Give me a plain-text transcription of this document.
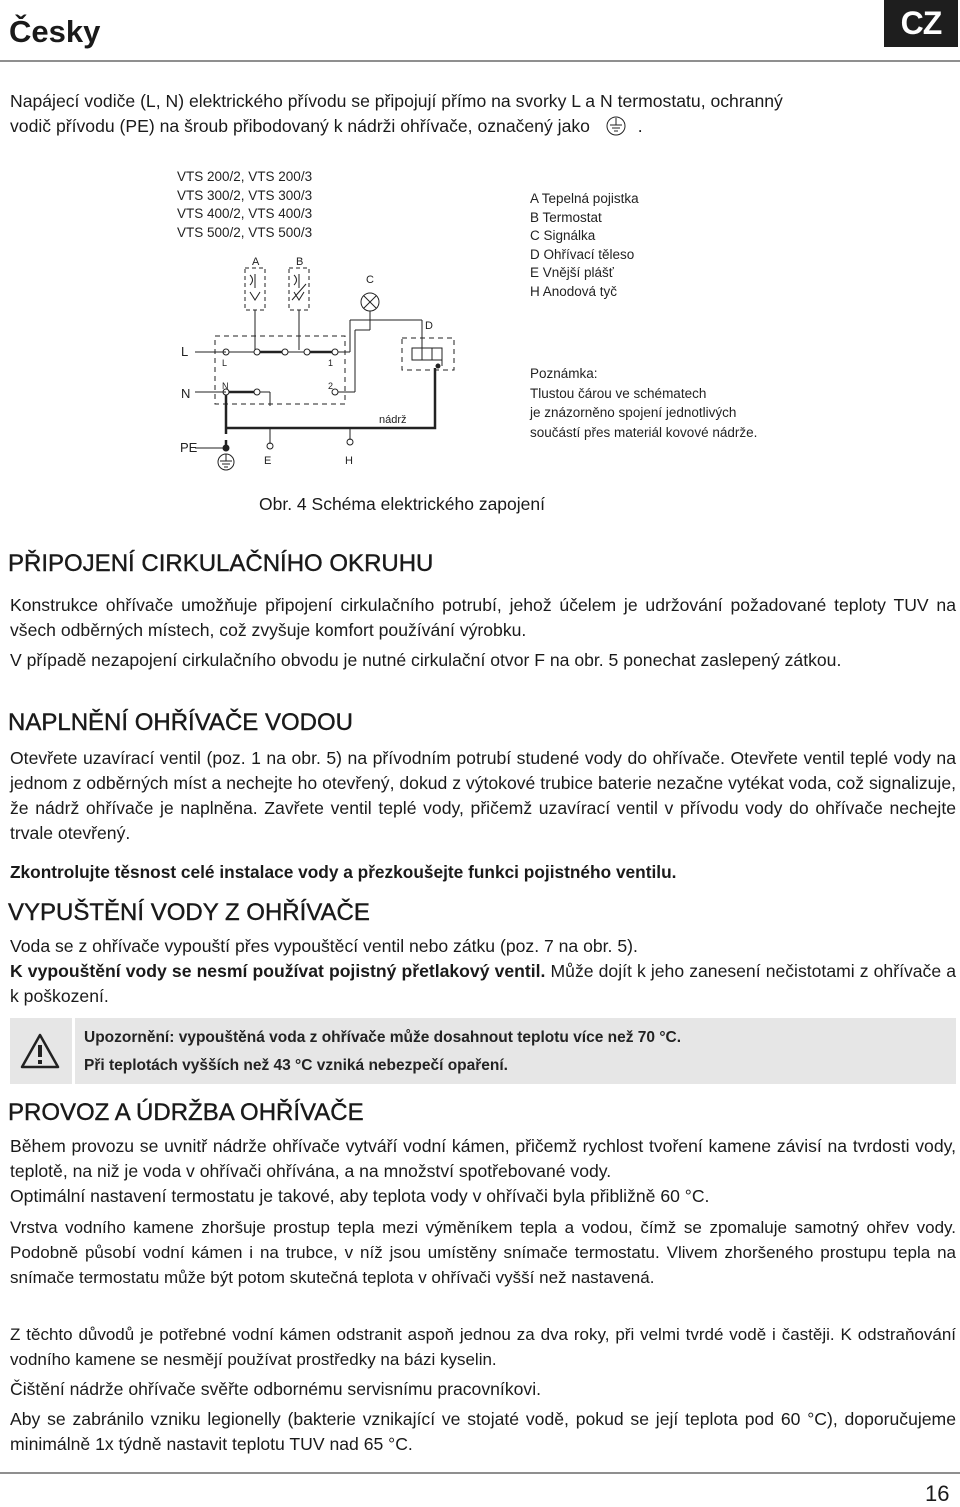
Česky	CZ
Napájecí vodiče (L, N) elektrického přívodu se připojují přímo na svorky L a N termostatu, ochranný
vodič přívodu (PE) na šroub přibodovaný k nádrži ohřívače, označený jako	.
VTS 200/2, VTS 200/3
VTS 300/2, VTS 300/3
VTS 400/2, VTS 400/3
VTS 500/2, VTS 500/3
A Tepelná pojistka
B Termostat
C Signálka
D Ohřívací těleso
E Vnější plášť
H Anodová tyč
Poznámka:
Tlustou čárou ve schématech
je znázorněno spojení jednotlivých
součástí přes materiál kovové nádrže.
A	B
C
D
L
N
PE
L
N
1
2
E	H
nádrž
Obr. 4 Schéma elektrického zapojení
PŘIPOJENÍ CIRKULAČNÍHO OKRUHU
Konstrukce ohřívače umožňuje připojení cirkulačního potrubí, jehož účelem je udržování požadované teploty TUV na všech odběrných místech, což zvyšuje komfort používání výrobku.
V případě nezapojení cirkulačního obvodu je nutné cirkulační otvor F na obr. 5 ponechat zaslepený zátkou.
NAPLNĚNÍ OHŘÍVAČE VODOU
Otevřete uzavírací ventil (poz. 1 na obr. 5) na přívodním potrubí studené vody do ohřívače. Otevřete ventil teplé vody na jednom z odběrných míst a nechejte ho otevřený, dokud z výtokové trubice baterie nezačne vytékat voda, což signalizuje, že nádrž ohřívače je naplněna. Zavřete ventil teplé vody, přičemž uzavírací ventil v přívodu vody do ohřívače nechejte trvale otevřený.
Zkontrolujte těsnost celé instalace vody a přezkoušejte funkci pojistného ventilu.
VYPUŠTĚNÍ VODY Z OHŘÍVAČE
Voda se z ohřívače vypouští přes vypouštěcí ventil nebo zátku (poz. 7 na obr. 5).
K vypouštění vody se nesmí používat pojistný přetlakový ventil. Může dojít k jeho zanesení nečistotami z ohřívače a k poškození.
Upozornění: vypouštěná voda z ohřívače může dosahnout teplotu více než 70 °C.
Při teplotách vyšších než 43 °C vzniká nebezpečí opaření.
PROVOZ A ÚDRŽBA OHŘÍVAČE
Během provozu se uvnitř nádrže ohřívače vytváří vodní kámen, přičemž rychlost tvoření kamene závisí na tvrdosti vody, teplotě, na niž je voda v ohřívači ohřívána, a na množství spotřebované vody.
Optimální nastavení termostatu je takové, aby teplota vody v ohřívači byla přibližně 60 °C.
Vrstva vodního kamene zhoršuje prostup tepla mezi výměníkem tepla a vodou, čímž se zpomaluje samotný ohřev vody. Podobně působí vodní kámen i na trubce, v níž jsou umístěny snímače termostatu. Vlivem zhoršeného prostupu tepla na snímače termostatu může být potom skutečná teplota v ohřívači vyšší než nastavená.
Z těchto důvodů je potřebné vodní kámen odstranit aspoň jednou za dva roky, při velmi tvrdé vodě i častěji. K odstraňování vodního kamene se nesmějí používat prostředky na bázi kyselin.
Čištění nádrže ohřívače svěřte odbornému servisnímu pracovníkovi.
Aby se zabránilo vzniku legionelly (bakterie vznikající ve stojaté vodě, pokud se její teplota pod 60 °C), doporučujeme minimálně 1x týdně nastavit teplotu TUV nad 65 °C.
16
